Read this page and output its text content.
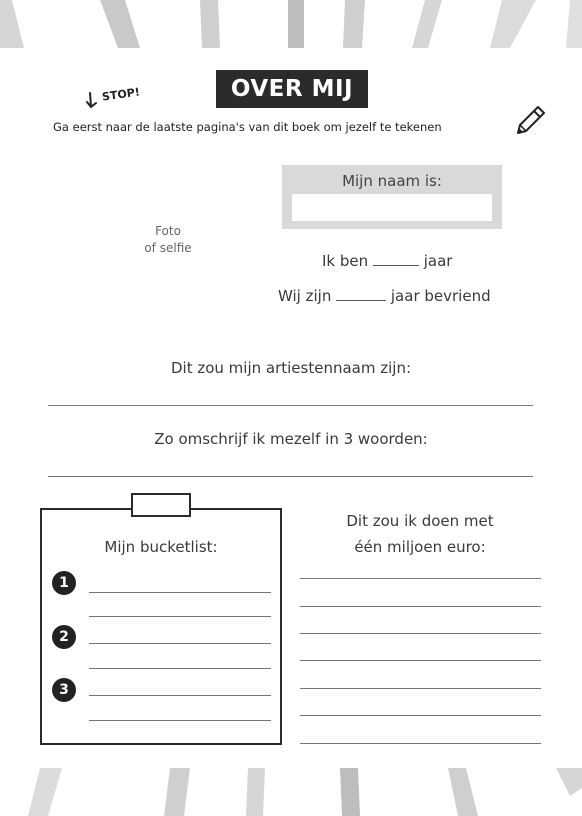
OVER MIJ
STOP!
Ga eerst naar de laatste pagina's van dit boek om jezelf te tekenen
Foto
of selfie
Mijn naam is:
Ik ben	jaar
Wij zijn	jaar bevriend
Dit zou mijn artiestennaam zijn:
Zo omschrijf ik mezelf in 3 woorden:
Mijn bucketlist:
1
2
3
Dit zou ik doen met
één miljoen euro:
